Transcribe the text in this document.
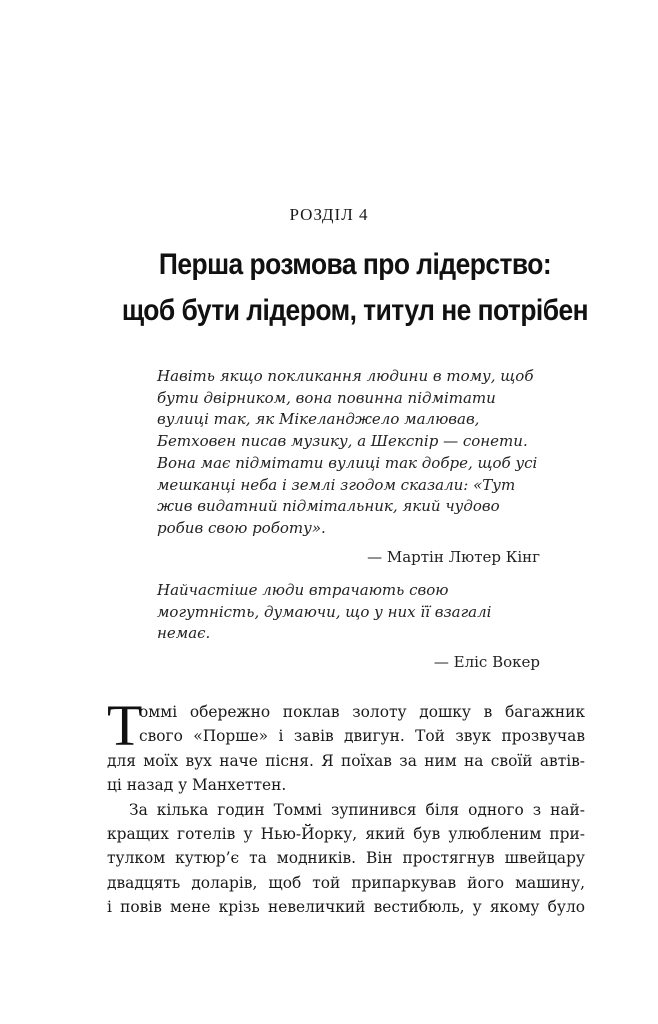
РОЗДІЛ 4
Перша розмова про лідерство:
щоб бути лідером, титул не потрібен
Навіть якщо покликання людини в тому, щоб
бути двірником, вона повинна підмітати
вулиці так, як Мікеланджело малював,
Бетховен писав музику, а Шекспір — сонети.
Вона має підмітати вулиці так добре, щоб усі
мешканці неба і землі згодом сказали: «Тут
жив видатний підмітальник, який чудово
робив свою роботу».
— Мартін Лютер Кінг
Найчастіше люди втрачають свою
могутність, думаючи, що у них її взагалі
немає.
— Еліс Вокер
Т
оммі обережно поклав золоту дошку в багажник
свого «Порше» і завів двигун. Той звук прозвучав
для моїх вух наче пісня. Я поїхав за ним на своїй автів-
ці назад у Манхеттен.
За кілька годин Томмі зупинився біля одного з най-
кращих готелів у Нью-Йорку, який був улюбленим при-
тулком кутюр’є та модників. Він простягнув швейцару
двадцять доларів, щоб той припаркував його машину,
і повів мене крізь невеличкий вестибюль, у якому було
